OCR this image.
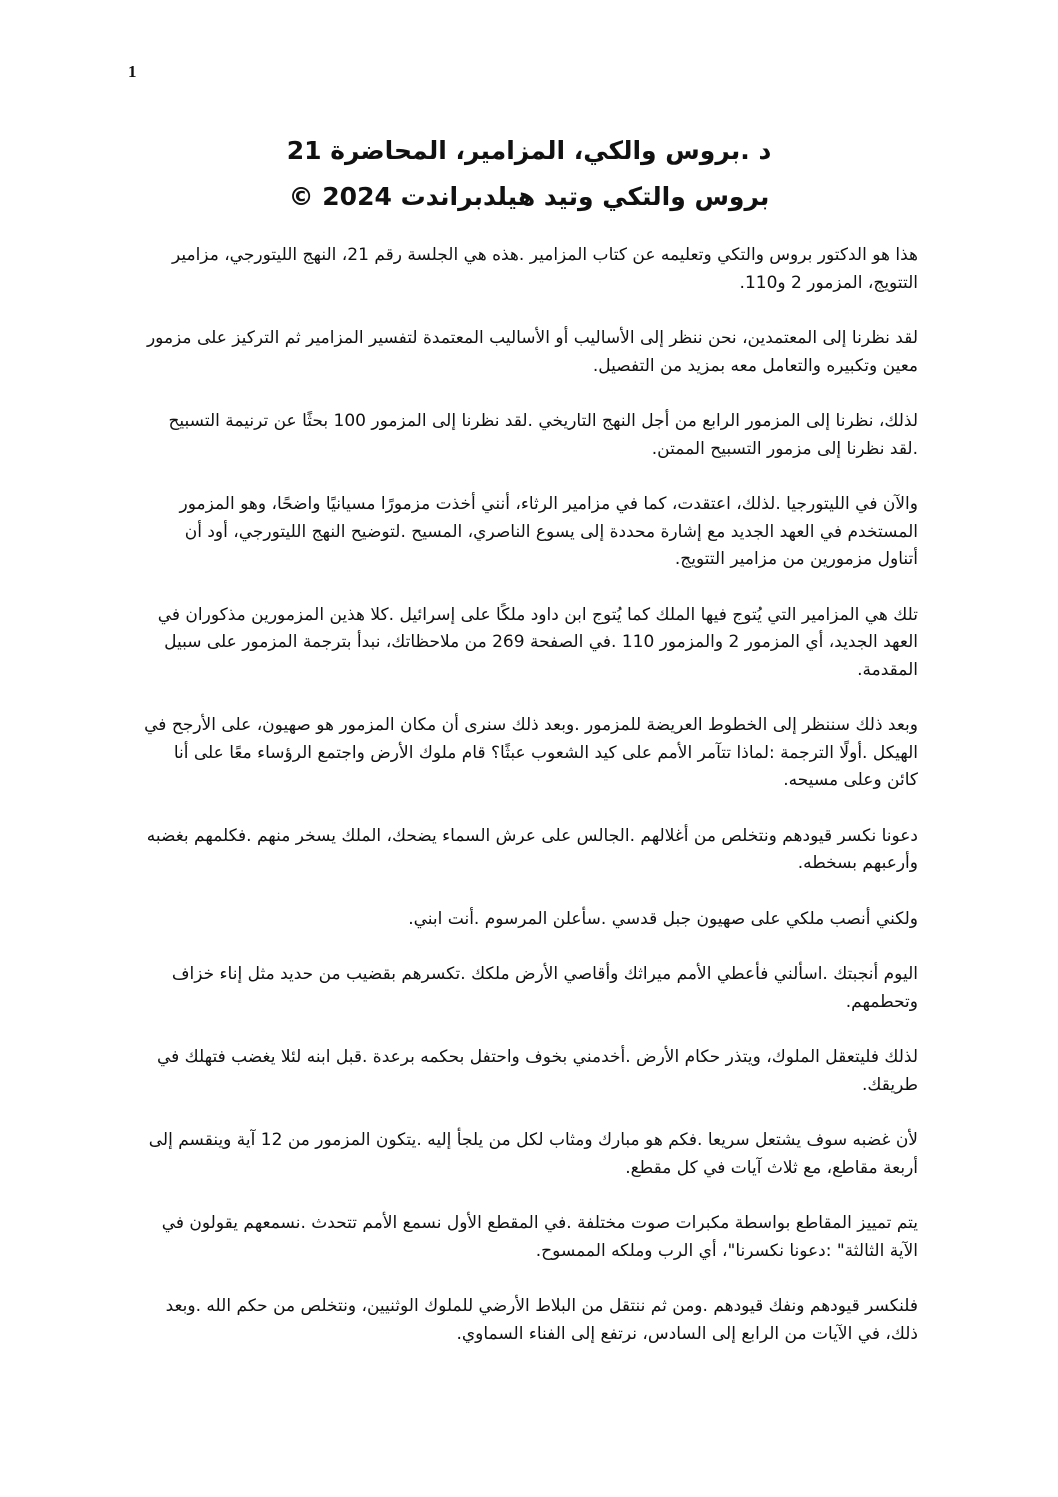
1

د .بروس والكي، المزامير، المحاضرة 21

بروس والتكي وتيد هيلدبراندت 2024 ©

هذا هو الدكتور بروس والتكي وتعليمه عن كتاب المزامير .هذه هي الجلسة رقم 21، النهج الليتورجي، مزامير التتويج، المزمور 2 و110.

لقد نظرنا إلى المعتمدين، نحن ننظر إلى الأساليب أو الأساليب المعتمدة لتفسير المزامير ثم التركيز على مزمور معين وتكبيره والتعامل معه بمزيد من التفصيل.

لذلك، نظرنا إلى المزمور الرابع من أجل النهج التاريخي .لقد نظرنا إلى المزمور 100 بحثًا عن ترنيمة التسبيح .لقد نظرنا إلى مزمور التسبيح الممتن.

والآن في الليتورجيا .لذلك، اعتقدت، كما في مزامير الرثاء، أنني أخذت مزمورًا مسيانيًا واضحًا، وهو المزمور المستخدم في العهد الجديد مع إشارة محددة إلى يسوع الناصري، المسيح .لتوضيح النهج الليتورجي، أود أن أتناول مزمورين من مزامير التتويج.

تلك هي المزامير التي يُتوج فيها الملك كما يُتوج ابن داود ملكًا على إسرائيل .كلا هذين المزمورين مذكوران في العهد الجديد، أي المزمور 2 والمزمور 110 .في الصفحة 269 من ملاحظاتك، نبدأ بترجمة المزمور على سبيل المقدمة.

وبعد ذلك سننظر إلى الخطوط العريضة للمزمور .وبعد ذلك سنرى أن مكان المزمور هو صهيون، على الأرجح في الهيكل .أولًا الترجمة :لماذا تتآمر الأمم على كيد الشعوب عبثًا؟ قام ملوك الأرض واجتمع الرؤساء معًا على أنا كائن وعلى مسيحه.

دعونا نكسر قيودهم ونتخلص من أغلالهم .الجالس على عرش السماء يضحك، الملك يسخر منهم .فكلمهم بغضبه وأرعبهم بسخطه.

ولكني أنصب ملكي على صهيون جبل قدسي .سأعلن المرسوم .أنت ابني.

اليوم أنجبتك .اسألني فأعطي الأمم ميراثك وأقاصي الأرض ملكك .تكسرهم بقضيب من حديد مثل إناء خزاف وتحطمهم.

لذلك فليتعقل الملوك، ويتذر حكام الأرض .أخدمني بخوف واحتفل بحكمه برعدة .قبل ابنه لئلا يغضب فتهلك في طريقك.

لأن غضبه سوف يشتعل سريعا .فكم هو مبارك ومثاب لكل من يلجأ إليه .يتكون المزمور من 12 آية وينقسم إلى أربعة مقاطع، مع ثلاث آيات في كل مقطع.

يتم تمييز المقاطع بواسطة مكبرات صوت مختلفة .في المقطع الأول نسمع الأمم تتحدث .نسمعهم يقولون في الآية الثالثة" :دعونا نكسرنا"، أي الرب وملكه الممسوح.

فلنكسر قيودهم ونفك قيودهم .ومن ثم ننتقل من البلاط الأرضي للملوك الوثنيين، ونتخلص من حكم الله .وبعد ذلك، في الآيات من الرابع إلى السادس، نرتفع إلى الفناء السماوي.
